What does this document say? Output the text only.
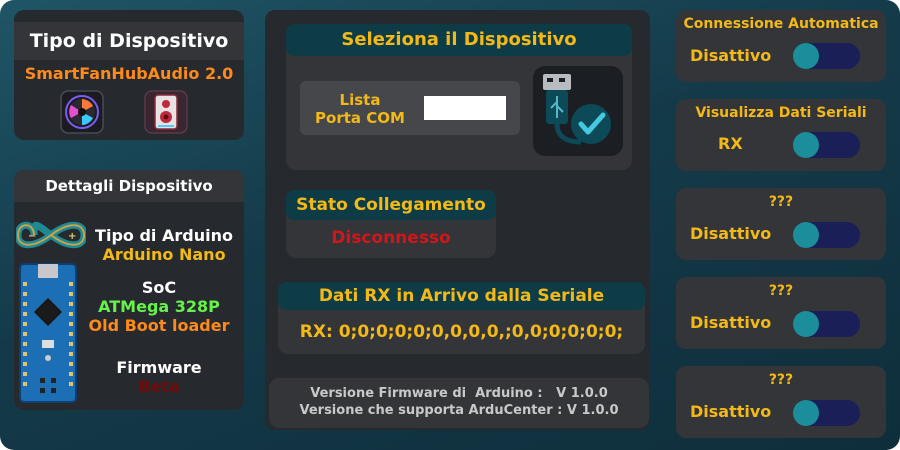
Tipo di Dispositivo
SmartFanHubAudio 2.0
Dettagli Dispositivo
−	+	Tipo di Arduino
Arduino Nano
SoC
ATMega 328P
Old Boot loader
Firmware
Beta
Seleziona il Dispositivo
Lista
Porta COM
Stato Collegamento
Disconnesso
Dati RX in Arrivo dalla Seriale
RX: 0;0;0;0;0;0,0,0,0,;0,0;0;0;0;0;
Versione Firmware di  Arduino :   V 1.0.0
Versione che supporta ArduCenter : V 1.0.0
Connessione Automatica
Disattivo
Visualizza Dati Seriali
RX
???
Disattivo
???
Disattivo
???
Disattivo
